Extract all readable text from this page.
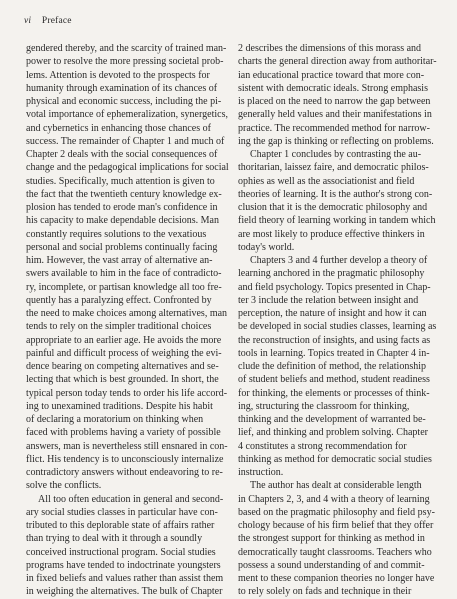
vi Preface
gendered thereby, and the scarcity of trained man-
power to resolve the more pressing societal prob-
lems. Attention is devoted to the prospects for
humanity through examination of its chances of
physical and economic success, including the pi-
votal importance of ephemeralization, synergetics,
and cybernetics in enhancing those chances of
success. The remainder of Chapter 1 and much of
Chapter 2 deals with the social consequences of
change and the pedagogical implications for social
studies. Specifically, much attention is given to
the fact that the twentieth century knowledge ex-
plosion has tended to erode man's confidence in
his capacity to make dependable decisions. Man
constantly requires solutions to the vexatious
personal and social problems continually facing
him. However, the vast array of alternative an-
swers available to him in the face of contradicto-
ry, incomplete, or partisan knowledge all too fre-
quently has a paralyzing effect. Confronted by
the need to make choices among alternatives, man
tends to rely on the simpler traditional choices
appropriate to an earlier age. He avoids the more
painful and difficult process of weighing the evi-
dence bearing on competing alternatives and se-
lecting that which is best grounded. In short, the
typical person today tends to order his life accord-
ing to unexamined traditions. Despite his habit
of declaring a moratorium on thinking when
faced with problems having a variety of possible
answers, man is nevertheless still ensnared in con-
flict. His tendency is to unconsciously internalize
contradictory answers without endeavoring to re-
solve the conflicts.
All too often education in general and second-
ary social studies classes in particular have con-
tributed to this deplorable state of affairs rather
than trying to deal with it through a soundly
conceived instructional program. Social studies
programs have tended to indoctrinate youngsters
in fixed beliefs and values rather than assist them
in weighing the alternatives. The bulk of Chapter
2 describes the dimensions of this morass and
charts the general direction away from authoritar-
ian educational practice toward that more con-
sistent with democratic ideals. Strong emphasis
is placed on the need to narrow the gap between
generally held values and their manifestations in
practice. The recommended method for narrow-
ing the gap is thinking or reflecting on problems.
Chapter 1 concludes by contrasting the au-
thoritarian, laissez faire, and democratic philos-
ophies as well as the associationist and field
theories of learning. It is the author's strong con-
clusion that it is the democratic philosophy and
field theory of learning working in tandem which
are most likely to produce effective thinkers in
today's world.
Chapters 3 and 4 further develop a theory of
learning anchored in the pragmatic philosophy
and field psychology. Topics presented in Chap-
ter 3 include the relation between insight and
perception, the nature of insight and how it can
be developed in social studies classes, learning as
the reconstruction of insights, and using facts as
tools in learning. Topics treated in Chapter 4 in-
clude the definition of method, the relationship
of student beliefs and method, student readiness
for thinking, the elements or processes of think-
ing, structuring the classroom for thinking,
thinking and the development of warranted be-
lief, and thinking and problem solving. Chapter
4 constitutes a strong recommendation for
thinking as method for democratic social studies
instruction.
The author has dealt at considerable length
in Chapters 2, 3, and 4 with a theory of learning
based on the pragmatic philosophy and field psy-
chology because of his firm belief that they offer
the strongest support for thinking as method in
democratically taught classrooms. Teachers who
possess a sound understanding of and commit-
ment to these companion theories no longer have
to rely solely on fads and technique in their
